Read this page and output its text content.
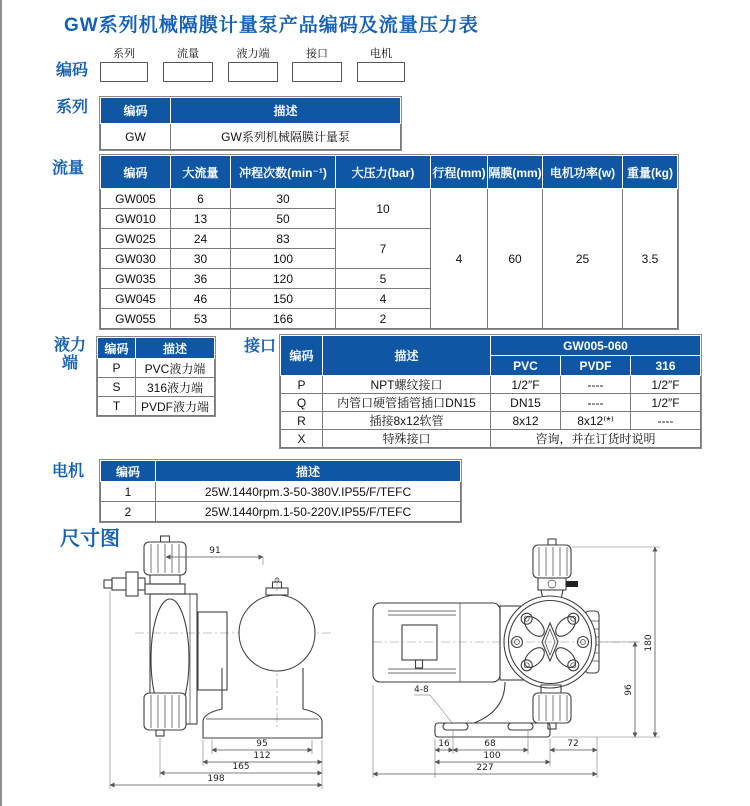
GW系列机械隔膜计量泵产品编码及流量压力表
编码
系列	流量	液力端	接口	电机
系列	编码	描述
GW	GW系列机械隔膜计量泵
流量	编码	大流量	冲程次数(min⁻¹)	大压力(bar)	行程(mm)	隔膜(mm)	电机功率(w)	重量(kg)
GW005	6	30	10	4	60	25	3.5
GW010	13	50					
GW025	24	83	7				
GW030	30	100					
GW035	36	120	5				
GW045	46	150	4				
GW055	53	166	2				
液力端
编码	描述
P	PVC液力端
S	316液力端
T	PVDF液力端
接口
编码	描述	GW005-060		
		PVC	PVDF	316
P	NPT螺纹接口	1/2″F	----	1/2″F
Q	内管口硬管插管插口DN15	DN15	----	1/2″F
R	插接8x12软管	8x12	8x12⁽*⁾	----
X	特殊接口	咨询，并在订货时说明		
电机	编码	描述
1	25W.1440rpm.3-50-380V.IP55/F/TEFC
2	25W.1440rpm.1-50-220V.IP55/F/TEFC
尺寸图
91
95
112
165
198
4-8
16	68	72
100
227
96
180
